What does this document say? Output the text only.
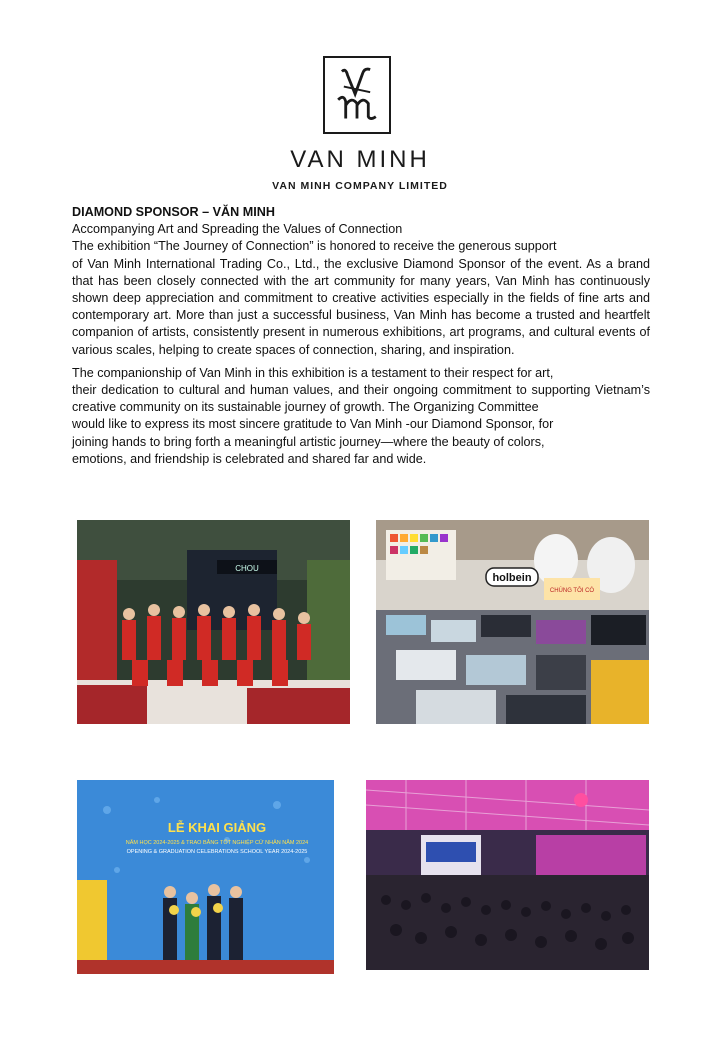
VAN MINH
VAN MINH COMPANY LIMITED

DIAMOND SPONSOR – VĂN MINH

Accompanying Art and Spreading the Values of Connection

The exhibition “The Journey of Connection” is honored to receive the generous support

of Van Minh International Trading Co., Ltd., the exclusive Diamond Sponsor of the event. As a brand that has been closely connected with the art community for many years, Van Minh has continuously shown deep appreciation and commitment to creative activities especially in the fields of fine arts and contemporary art. More than just a successful business, Van Minh has become a trusted and heartfelt companion of artists, consistently present in numerous exhibitions, art programs, and cultural events of various scales, helping to create spaces of connection, sharing, and inspiration.

The companionship of Van Minh in this exhibition is a testament to their respect for art,

their dedication to cultural and human values, and their ongoing commitment to supporting Vietnam’s creative community on its sustainable journey of growth. The Organizing Committee

would like to express its most sincere gratitude to Van Minh -our Diamond Sponsor, for

joining hands to bring forth a meaningful artistic journey—where the beauty of colors,

emotions, and friendship is celebrated and shared far and wide.

CHOU
holbein
CHÚNG TÔI CÓ
LỄ KHAI GIẢNG
NĂM HỌC 2024-2025 & TRAO BẰNG TỐT NGHIỆP CỬ NHÂN NĂM 2024
OPENING & GRADUATION CELEBRATIONS SCHOOL YEAR 2024-2025
